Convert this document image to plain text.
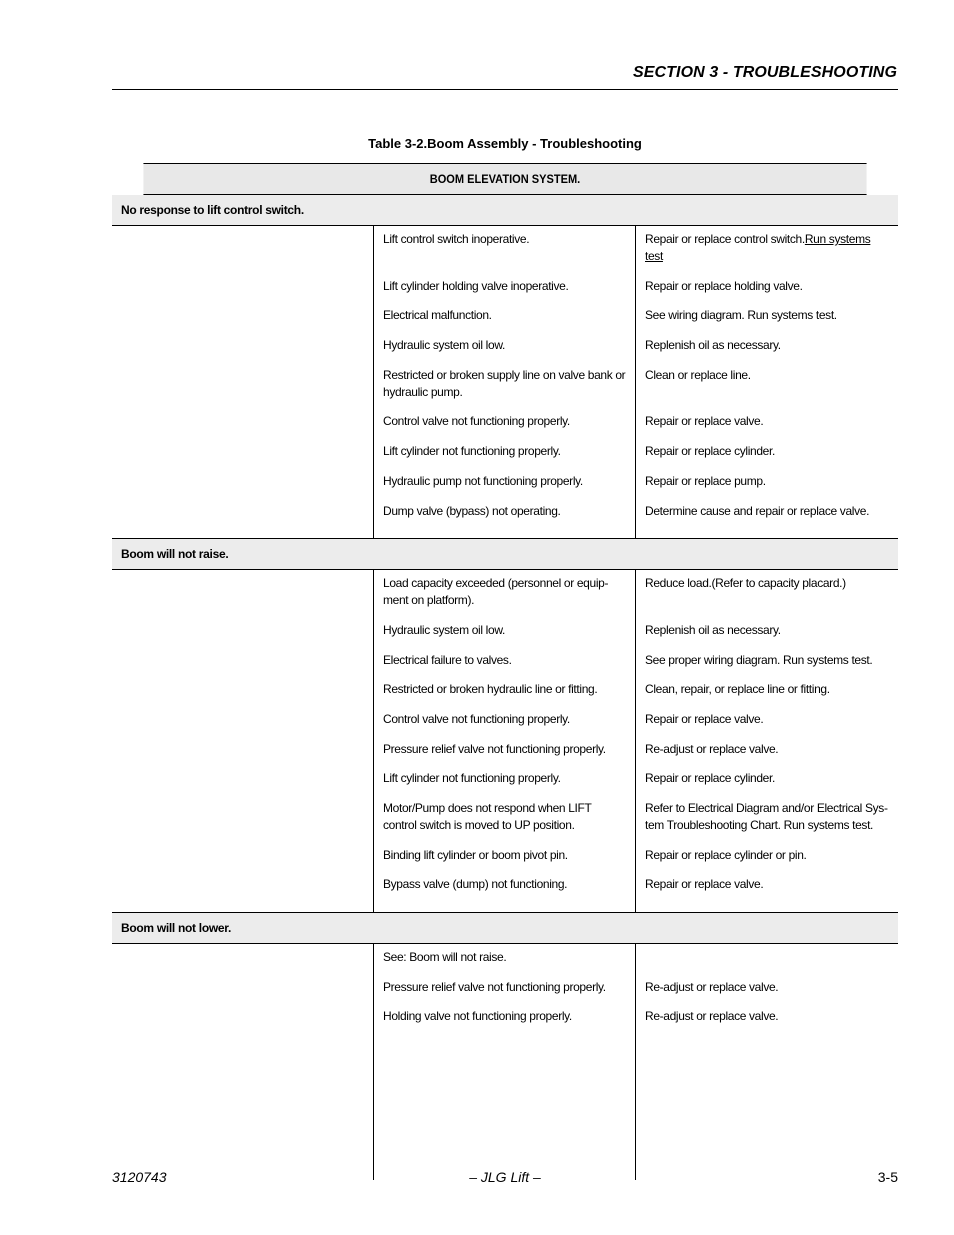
SECTION 3 - TROUBLESHOOTING
Table 3-2.Boom Assembly - Troubleshooting
BOOM ELEVATION SYSTEM.
No response to lift control switch.
Lift control switch inoperative.
Lift cylinder holding valve inoperative.
Electrical malfunction.
Hydraulic system oil low.
Restricted or broken supply line on valve bank or hydraulic pump.
Control valve not functioning properly.
Lift cylinder not functioning properly.
Hydraulic pump not functioning properly.
Dump valve (bypass) not operating.
Repair or replace control switch.Run systems test
Repair or replace holding valve.
See wiring diagram. Run systems test.
Replenish oil as necessary.
Clean or replace line.
Repair or replace valve.
Repair or replace cylinder.
Repair or replace pump.
Determine cause and repair or replace valve.
Boom will not raise.
Load capacity exceeded (personnel or equip-ment on platform).
Hydraulic system oil low.
Electrical failure to valves.
Restricted or broken hydraulic line or fitting.
Control valve not functioning properly.
Pressure relief valve not functioning properly.
Lift cylinder not functioning properly.
Motor/Pump does not respond when LIFT control switch is moved to UP position.
Binding lift cylinder or boom pivot pin.
Bypass valve (dump) not functioning.
Reduce load.(Refer to capacity placard.)
Replenish oil as necessary.
See proper wiring diagram. Run systems test.
Clean, repair, or replace line or fitting.
Repair or replace valve.
Re-adjust or replace valve.
Repair or replace cylinder.
Refer to Electrical Diagram and/or Electrical Sys-tem Troubleshooting Chart. Run systems test.
Repair or replace cylinder or pin.
Repair or replace valve.
Boom will not lower.
See: Boom will not raise.
Pressure relief valve not functioning properly.
Holding valve not functioning properly.
Re-adjust or replace valve.
Re-adjust or replace valve.
3120743	– JLG Lift –	3-5
